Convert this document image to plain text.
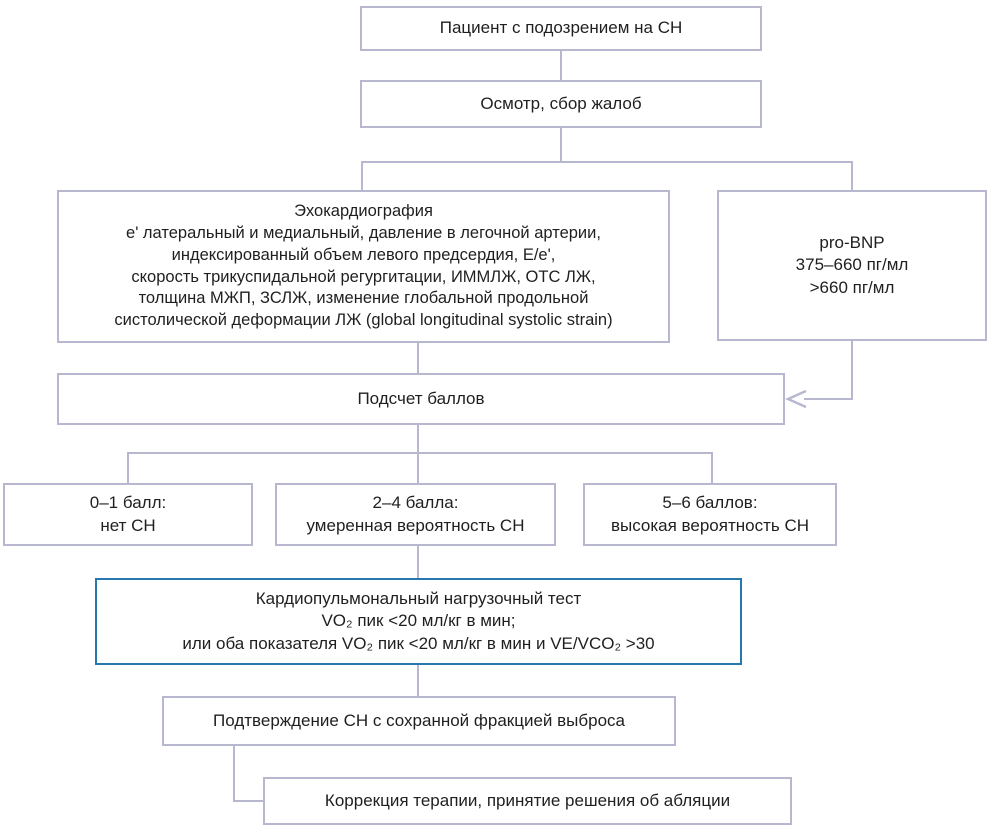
Пациент с подозрением на СН
Осмотр, сбор жалоб
Эхокардиография
e' латеральный и медиальный, давление в легочной артерии,
индексированный объем левого предсердия, E/e',
скорость трикуспидальной регургитации, ИММЛЖ, ОТС ЛЖ,
толщина МЖП, ЗСЛЖ, изменение глобальной продольной
систолической деформации ЛЖ (global longitudinal systolic strain)
pro-BNP
375–660 пг/мл
>660 пг/мл
Подсчет баллов
0–1 балл:
нет СН
2–4 балла:
умеренная вероятность СН
5–6 баллов:
высокая вероятность СН
Кардиопульмональный нагрузочный тест
VO₂ пик <20 мл/кг в мин;
или оба показателя VO₂ пик <20 мл/кг в мин и VE/VCO₂ >30
Подтверждение СН с сохранной фракцией выброса
Коррекция терапии, принятие решения об абляции
